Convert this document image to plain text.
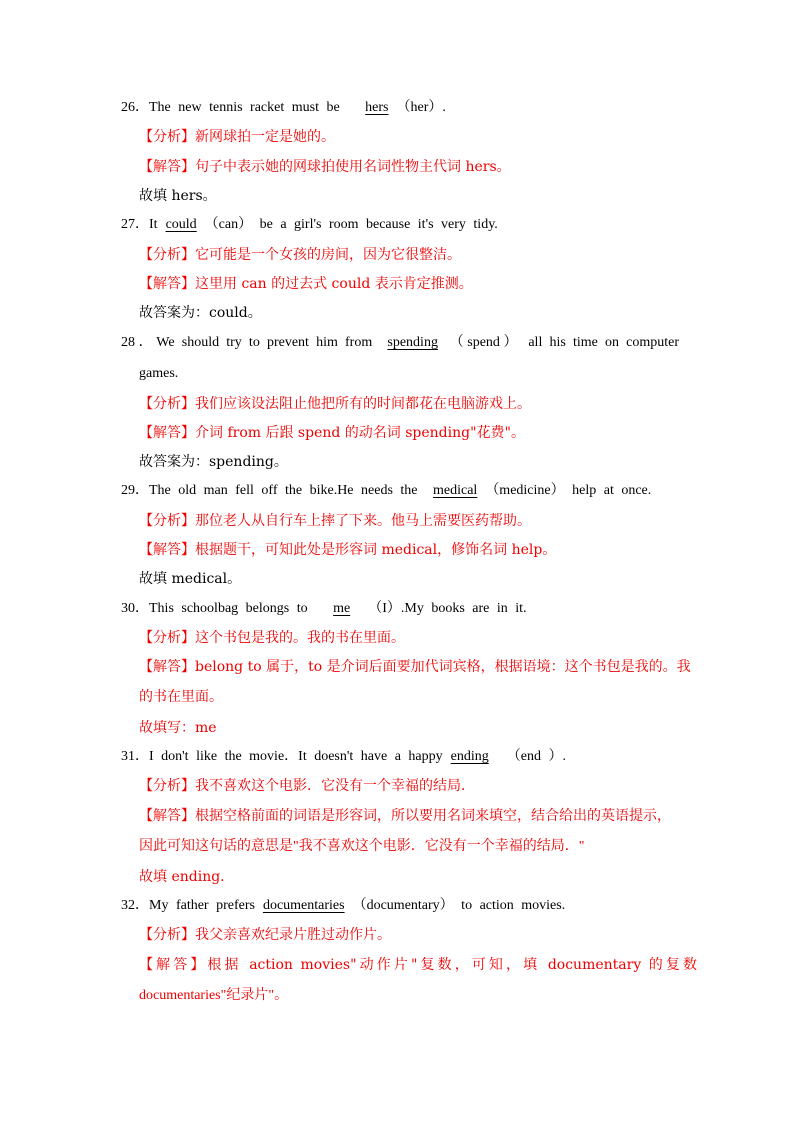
26．The new tennis racket must be hers （her）.
【分析】新网球拍一定是她的。
【解答】句子中表示她的网球拍使用名词性物主代词 hers。
故填 hers。
27．It could （can） be a girl's room because it's very tidy.
【分析】它可能是一个女孩的房间，因为它很整洁。
【解答】这里用 can 的过去式 could 表示肯定推测。
故答案为：could。
28．We should try to prevent him from spending （spend） all his time on computer
games.
【分析】我们应该设法阻止他把所有的时间都花在电脑游戏上。
【解答】介词 from 后跟 spend 的动名词 spending"花费"。
故答案为：spending。
29．The old man fell off the bike.He needs the medical （medicine） help at once.
【分析】那位老人从自行车上摔了下来。他马上需要医药帮助。
【解答】根据题干，可知此处是形容词 medical，修饰名词 help。
故填 medical。
30．This schoolbag belongs to me （I）.My books are in it.
【分析】这个书包是我的。我的书在里面。
【解答】belong to 属于，to 是介词后面要加代词宾格，根据语境：这个书包是我的。我
的书在里面。
故填写：me
31．I don't like the movie．It doesn't have a happy ending （end ）.
【分析】我不喜欢这个电影．它没有一个幸福的结局．
【解答】根据空格前面的词语是形容词，所以要用名词来填空，结合给出的英语提示，
因此可知这句话的意思是"我不喜欢这个电影．它没有一个幸福的结局．"
故填 ending．
32．My father prefers documentaries （documentary） to action movies.
【分析】我父亲喜欢纪录片胜过动作片。
【解答】根据 action movies"动作片"复数，可知，填 documentary 的复数
documentaries"纪录片"。
